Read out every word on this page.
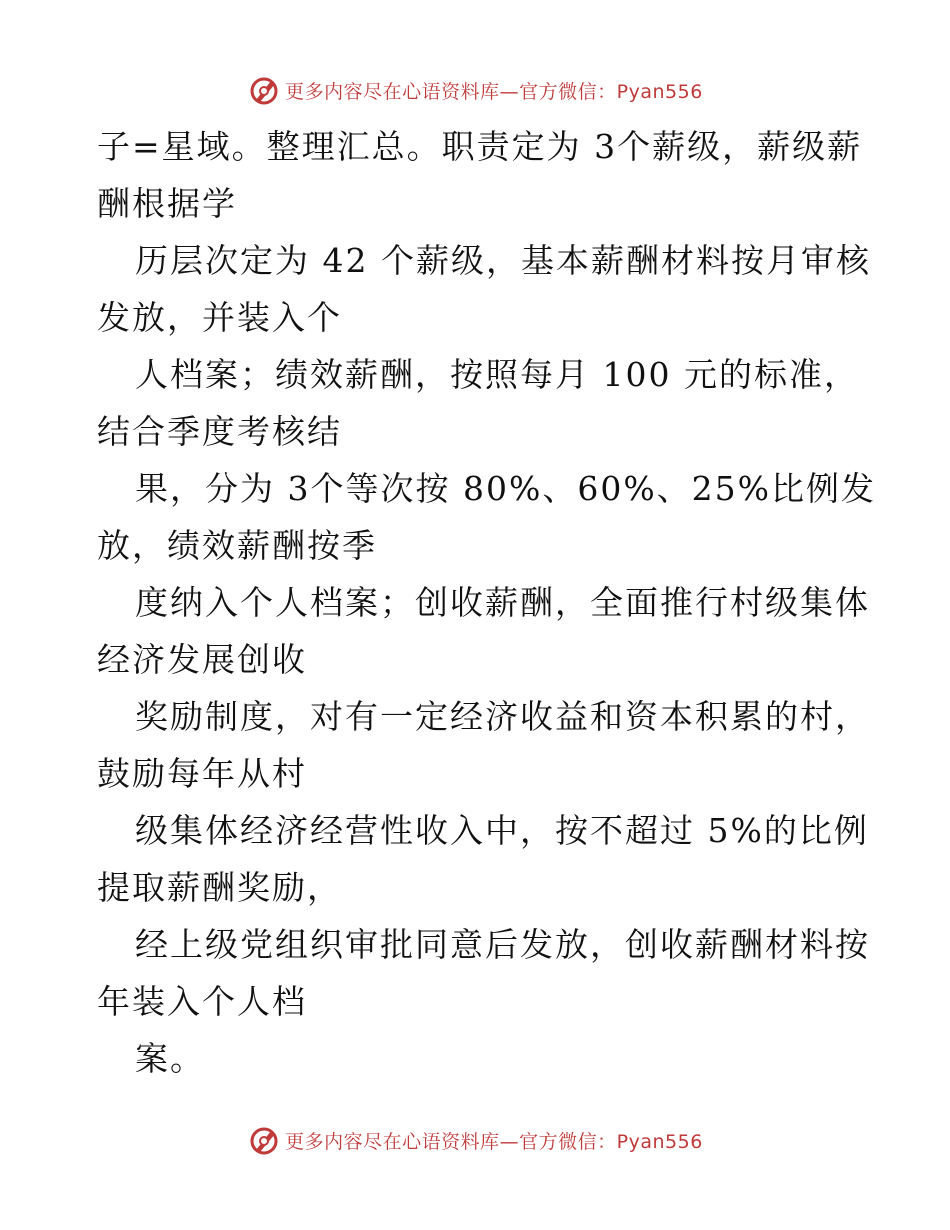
更多内容尽在心语资料库—官方微信：Pyan556
子=星域。整理汇总。职责定为 3个薪级，薪级薪
酬根据学
历层次定为 42 个薪级，基本薪酬材料按月审核
发放，并装入个
人档案；绩效薪酬，按照每月 100 元的标准，
结合季度考核结
果，分为 3个等次按 80%、60%、25%比例发
放，绩效薪酬按季
度纳入个人档案；创收薪酬，全面推行村级集体
经济发展创收
奖励制度，对有一定经济收益和资本积累的村，
鼓励每年从村
级集体经济经营性收入中，按不超过 5%的比例
提取薪酬奖励，
经上级党组织审批同意后发放，创收薪酬材料按
年装入个人档
案。
更多内容尽在心语资料库—官方微信：Pyan556
